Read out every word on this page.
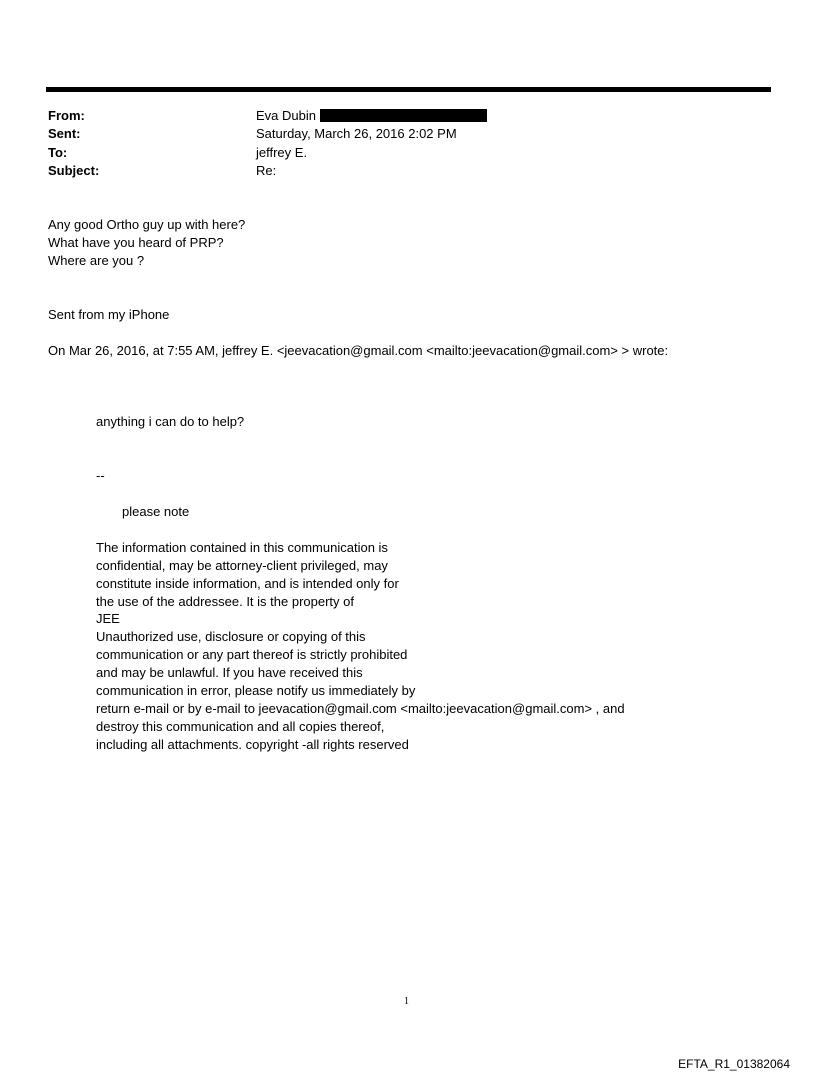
From:	Eva Dubin
Sent:	Saturday, March 26, 2016 2:02 PM
To:	jeffrey E.
Subject:	Re:
Any good Ortho guy up with here?
What have you heard of PRP?
Where are you ?
Sent from my iPhone
On Mar 26, 2016, at 7:55 AM, jeffrey E. <jeevacation@gmail.com <mailto:jeevacation@gmail.com> > wrote:
anything i can do to help?
--
please note
The information contained in this communication is
confidential, may be attorney-client privileged, may
constitute inside information, and is intended only for
the use of the addressee. It is the property of
JEE
Unauthorized use, disclosure or copying of this
communication or any part thereof is strictly prohibited
and may be unlawful. If you have received this
communication in error, please notify us immediately by
return e-mail or by e-mail to jeevacation@gmail.com <mailto:jeevacation@gmail.com> , and
destroy this communication and all copies thereof,
including all attachments. copyright -all rights reserved
1
EFTA_R1_01382064
